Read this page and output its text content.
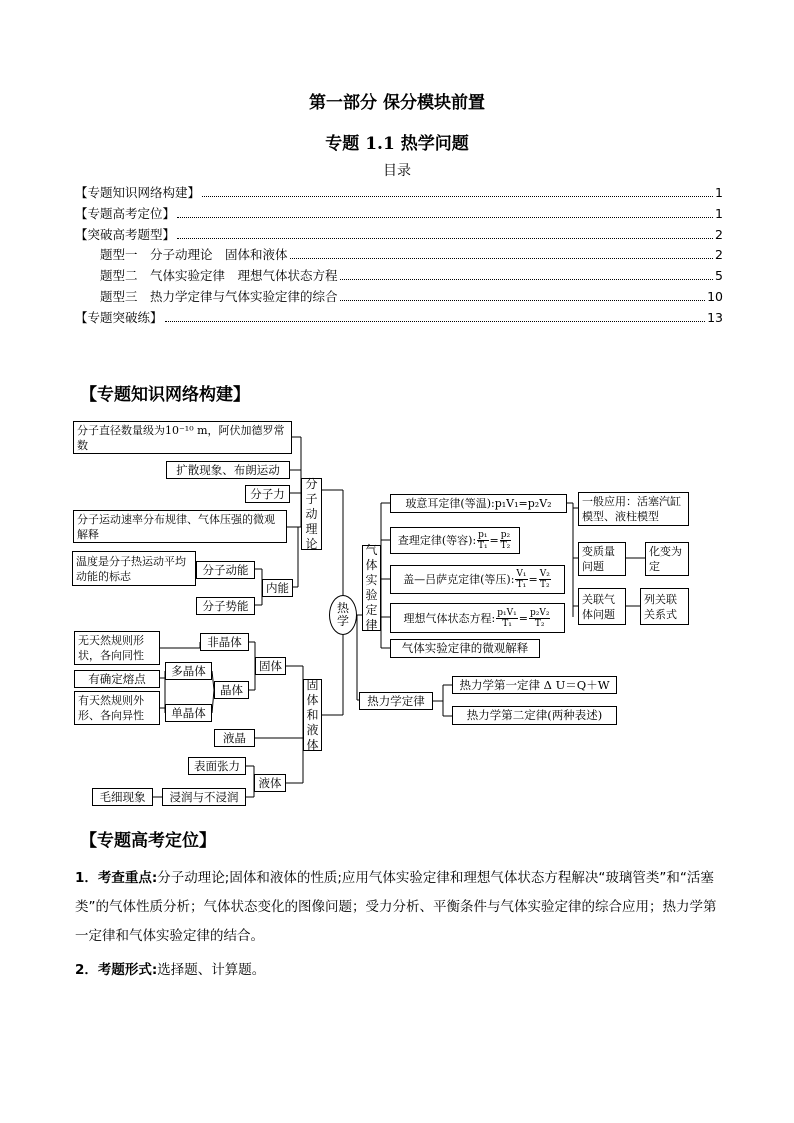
第一部分 保分模块前置
专题 1.1 热学问题
目录
【专题知识网络构建】	1
【专题高考定位】	1
【突破高考题型】	2
题型一　分子动理论　固体和液体	2
题型二　气体实验定律　理想气体状态方程	5
题型三　热力学定律与气体实验定律的综合	10
【专题突破练】	13
【专题知识网络构建】
分子直径数量级为10⁻¹⁰ m，阿伏加德罗常数
扩散现象、布朗运动
分子力
分子运动速率分布规律、气体压强的微观解释
温度是分子热运动平均动能的标志	分子动能
分子势能
内能
分
子
动
理
论
热
学
无天然规则形状，各向同性
有确定熔点
有天然规则外形、各向异性
非晶体
多晶体
单晶体
晶体
固体
液晶
表面张力
浸润与不浸润
毛细现象
液体
固
体
和
液
体
气
体
实
验
定
律
玻意耳定律(等温):p₁V₁=p₂V₂
查理定律(等容): $\frac{\text{p₁}}{\text{T₁}} = \frac{\text{p₂}}{\text{T₂}}$
盖—吕萨克定律(等压): $\frac{\text{V₁}}{\text{T₁}} = \frac{\text{V₂}}{\text{T₂}}$
理想气体状态方程: $\frac{\text{p₁V₁}}{\text{T₁}} = \frac{\text{p₂V₂}}{\text{T₂}}$
气体实验定律的微观解释
一般应用：活塞汽缸模型、液柱模型
变质量问题
化变为定
关联气体问题
列关联关系式
热力学定律
热力学第一定律 Δ U＝Q＋W
热力学第二定律(两种表述)
【专题高考定位】
1．考查重点:分子动理论;固体和液体的性质;应用气体实验定律和理想气体状态方程解决“玻璃管类”和“活塞类”的气体性质分析；气体状态变化的图像问题；受力分析、平衡条件与气体实验定律的综合应用；热力学第一定律和气体实验定律的结合。
2．考题形式:选择题、计算题。
